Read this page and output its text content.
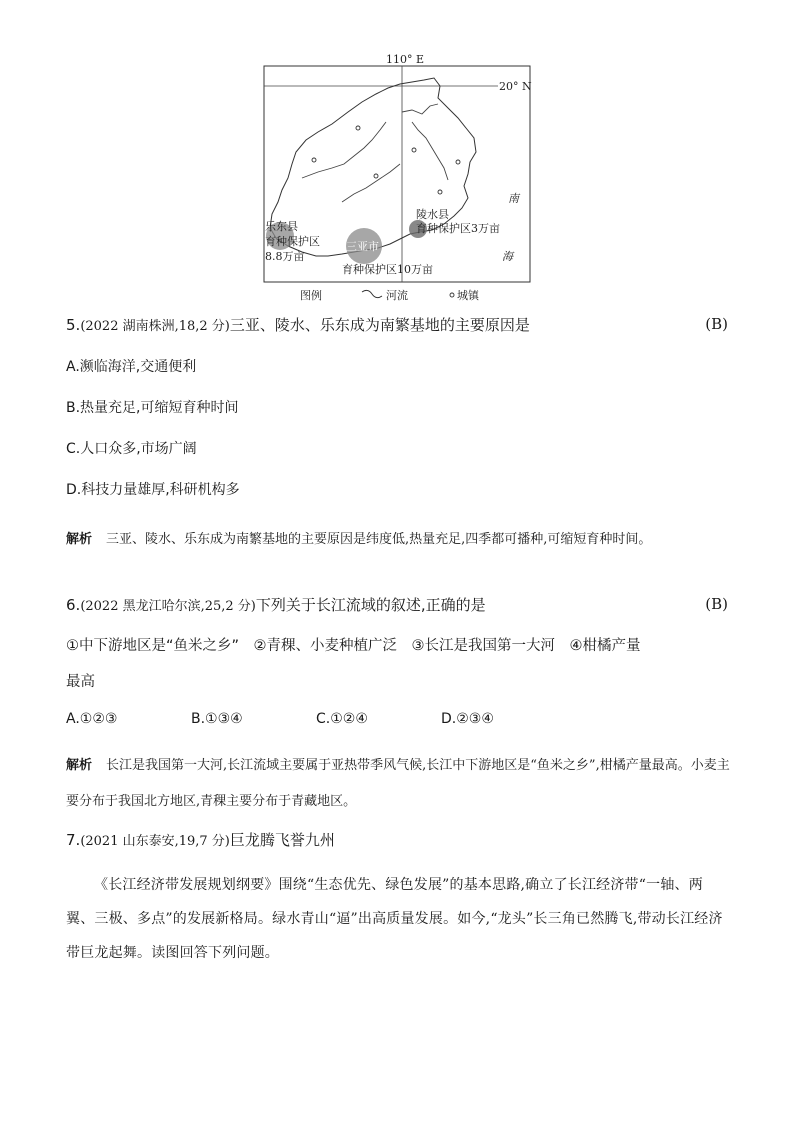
110° E
20° N
南
海
乐东县
育种保护区
8.8万亩
三亚市
育种保护区10万亩
陵水县
育种保护区3万亩
图例	河流	城镇
5.(2022 湖南株洲,18,2 分)三亚、陵水、乐东成为南繁基地的主要原因是	(B)
A.濒临海洋,交通便利
B.热量充足,可缩短育种时间
C.人口众多,市场广阔
D.科技力量雄厚,科研机构多
解析 三亚、陵水、乐东成为南繁基地的主要原因是纬度低,热量充足,四季都可播种,可缩短育种时间。
6.(2022 黑龙江哈尔滨,25,2 分)下列关于长江流域的叙述,正确的是	(B)
①中下游地区是“鱼米之乡”　②青稞、小麦种植广泛　③长江是我国第一大河　④柑橘产量
最高
A.①②③	B.①③④	C.①②④	D.②③④
解析 长江是我国第一大河,长江流域主要属于亚热带季风气候,长江中下游地区是“鱼米之乡”,柑橘产量最高。小麦主要分布于我国北方地区,青稞主要分布于青藏地区。
7.(2021 山东泰安,19,7 分)巨龙腾飞誉九州
《长江经济带发展规划纲要》围绕“生态优先、绿色发展”的基本思路,确立了长江经济带“一轴、两翼、三极、多点”的发展新格局。绿水青山“逼”出高质量发展。如今,“龙头”长三角已然腾飞,带动长江经济带巨龙起舞。读图回答下列问题。
